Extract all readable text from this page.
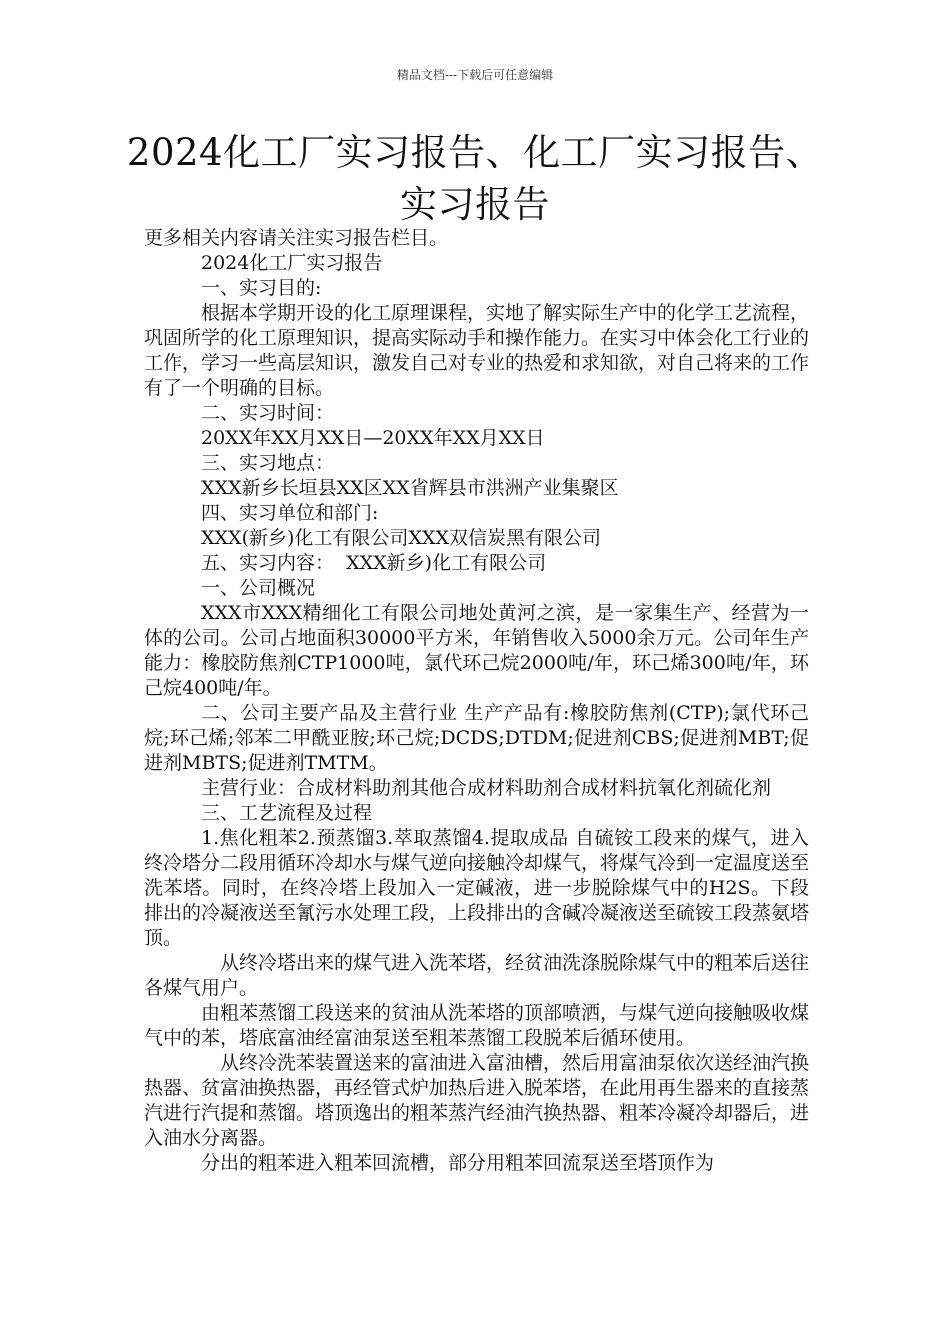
精品文档---下载后可任意编辑
2024化工厂实习报告、化工厂实习报告、实习报告

更多相关内容请关注实习报告栏目。

2024化工厂实习报告

一、实习目的:

根据本学期开设的化工原理课程，实地了解实际生产中的化学工艺流程，巩固所学的化工原理知识，提高实际动手和操作能力。在实习中体会化工行业的工作，学习一些高层知识，激发自己对专业的热爱和求知欲，对自己将来的工作有了一个明确的目标。

二、实习时间：

20XX年XX月XX日—20XX年XX月XX日

三、实习地点：

XXX新乡长垣县XX区XX省辉县市洪洲产业集聚区

四、实习单位和部门:

XXX(新乡)化工有限公司XXX双信炭黑有限公司

五、实习内容：  XXX新乡)化工有限公司

一、公司概况

XXX市XXX精细化工有限公司地处黄河之滨，是一家集生产、经营为一体的公司。公司占地面积30000平方米，年销售收入5000余万元。公司年生产能力：橡胶防焦剂CTP1000吨，氯代环己烷2000吨/年，环己烯300吨/年，环己烷400吨/年。

二、公司主要产品及主营行业 生产产品有:橡胶防焦剂(CTP);氯代环己烷;环己烯;邻苯二甲酰亚胺;环己烷;DCDS;DTDM;促进剂CBS;促进剂MBT;促进剂MBTS;促进剂TMTM。

主营行业：合成材料助剂其他合成材料助剂合成材料抗氧化剂硫化剂

三、工艺流程及过程

1.焦化粗苯2.预蒸馏3.萃取蒸馏4.提取成品 自硫铵工段来的煤气，进入终冷塔分二段用循环冷却水与煤气逆向接触冷却煤气，将煤气冷到一定温度送至洗苯塔。同时，在终冷塔上段加入一定碱液，进一步脱除煤气中的H2S。下段排出的冷凝液送至氰污水处理工段，上段排出的含碱冷凝液送至硫铵工段蒸氨塔顶。

从终冷塔出来的煤气进入洗苯塔，经贫油洗涤脱除煤气中的粗苯后送往各煤气用户。

由粗苯蒸馏工段送来的贫油从洗苯塔的顶部喷洒，与煤气逆向接触吸收煤气中的苯，塔底富油经富油泵送至粗苯蒸馏工段脱苯后循环使用。

从终冷洗苯装置送来的富油进入富油槽，然后用富油泵依次送经油汽换热器、贫富油换热器，再经管式炉加热后进入脱苯塔，在此用再生器来的直接蒸汽进行汽提和蒸馏。塔顶逸出的粗苯蒸汽经油汽换热器、粗苯冷凝冷却器后，进入油水分离器。

分出的粗苯进入粗苯回流槽，部分用粗苯回流泵送至塔顶作为
